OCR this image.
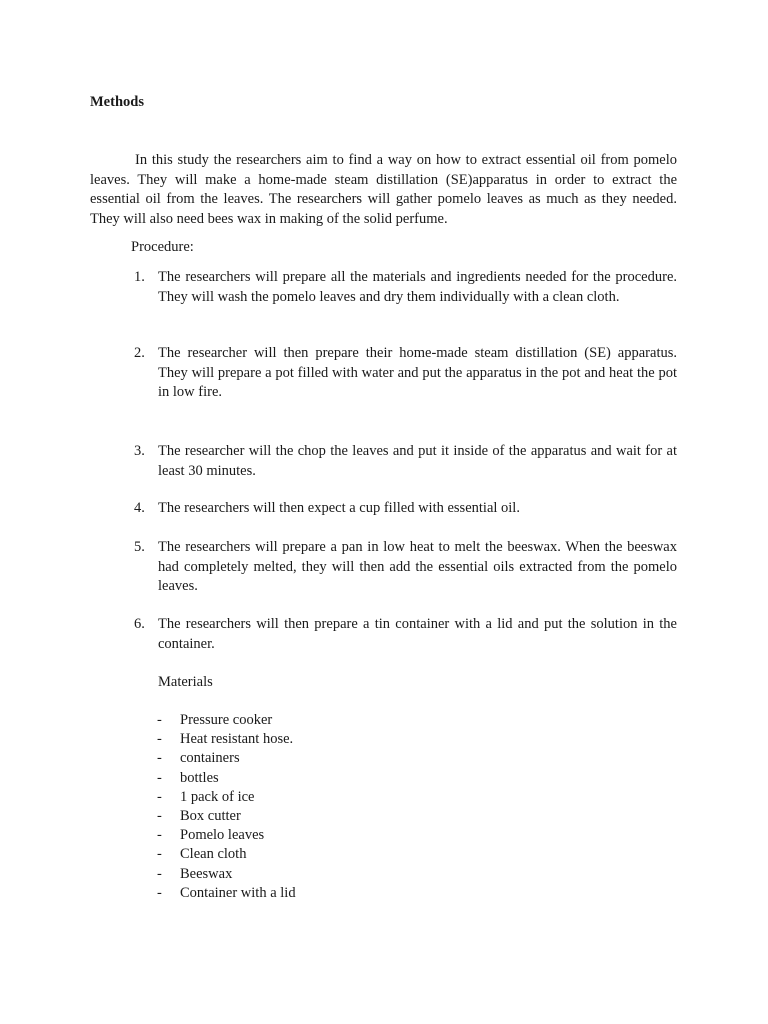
Methods

In this study the researchers aim to find a way on how to extract essential oil from pomelo leaves. They will make a home-made steam distillation (SE)apparatus in order to extract the essential oil from the leaves. The researchers will gather pomelo leaves as much as they needed. They will also need bees wax in making of the solid perfume.

Procedure:
1. The researchers will prepare all the materials and ingredients needed for the procedure. They will wash the pomelo leaves and dry them individually with a clean cloth.
2. The researcher will then prepare their home-made steam distillation (SE) apparatus. They will prepare a pot filled with water and put the apparatus in the pot and heat the pot in low fire.
3. The researcher will the chop the leaves and put it inside of the apparatus and wait for at least 30 minutes.
4. The researchers will then expect a cup filled with essential oil.
5. The researchers will prepare a pan in low heat to melt the beeswax. When the beeswax had completely melted, they will then add the essential oils extracted from the pomelo leaves.
6. The researchers will then prepare a tin container with a lid and put the solution in the container.
Materials
- Pressure cooker
- Heat resistant hose.
- containers
- bottles
- 1 pack of ice
- Box cutter
- Pomelo leaves
- Clean cloth
- Beeswax
- Container with a lid
